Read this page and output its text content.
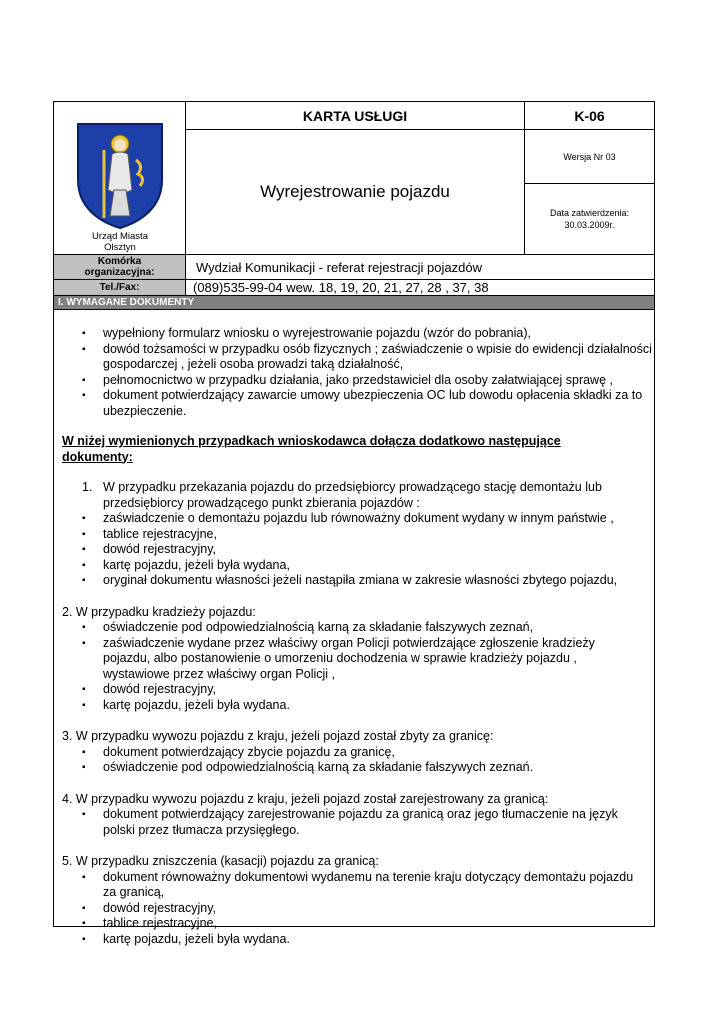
Urząd Miasta
Olsztyn
KARTA USŁUGI	K-06
Wyrejestrowanie pojazdu
Wersja Nr 03
Data zatwierdzenia:
30.03.2009r.
Komórka
organizacyjna:	Wydział Komunikacji - referat rejestracji pojazdów
Tel./Fax:	(089)535-99-04 wew. 18, 19, 20, 21, 27, 28 , 37, 38
I. WYMAGANE DOKUMENTY
▪ wypełniony formularz wniosku o wyrejestrowanie pojazdu (wzór do pobrania),
▪ dowód tożsamości w przypadku osób fizycznych ; zaświadczenie o wpisie do ewidencji działalności gospodarczej , jeżeli osoba prowadzi taką działalność,
▪ pełnomocnictwo w przypadku działania, jako przedstawiciel dla osoby załatwiającej sprawę ,
▪ dokument potwierdzający zawarcie umowy ubezpieczenia OC lub dowodu opłacenia składki za to ubezpieczenie.
W niżej wymienionych przypadkach wnioskodawca dołącza dodatkowo następujące dokumenty:
1. W przypadku przekazania pojazdu do przedsiębiorcy prowadzącego stację demontażu lub przedsiębiorcy prowadzącego punkt zbierania pojazdów :
▪ zaświadczenie o demontażu pojazdu lub równoważny dokument wydany w innym państwie ,
▪ tablice rejestracyjne,
▪ dowód rejestracyjny,
▪ kartę pojazdu, jeżeli była wydana,
▪ oryginał dokumentu własności jeżeli nastąpiła zmiana w zakresie własności zbytego pojazdu,
2. W przypadku kradzieży pojazdu:
▪ oświadczenie pod odpowiedzialnością karną za składanie fałszywych zeznań,
▪ zaświadczenie wydane przez właściwy organ Policji potwierdzające zgłoszenie kradzieży pojazdu, albo postanowienie o umorzeniu dochodzenia w sprawie kradzieży pojazdu , wystawiowe przez właściwy organ Policji ,
▪ dowód rejestracyjny,
▪ kartę pojazdu, jeżeli była wydana.
3. W przypadku wywozu pojazdu z kraju, jeżeli pojazd został zbyty za granicę:
▪ dokument potwierdzający zbycie pojazdu za granicę,
▪ oświadczenie pod odpowiedzialnością karną za składanie fałszywych zeznań.
4. W przypadku wywozu pojazdu z kraju, jeżeli pojazd został zarejestrowany za granicą:
▪ dokument potwierdzający zarejestrowanie pojazdu za granicą oraz jego tłumaczenie na język polski przez tłumacza przysięgłego.
5. W przypadku zniszczenia (kasacji) pojazdu za granicą:
▪ dokument równoważny dokumentowi wydanemu na terenie kraju dotyczący demontażu pojazdu za granicą,
▪ dowód rejestracyjny,
▪ tablice rejestracyjne,
▪ kartę pojazdu, jeżeli była wydana.
